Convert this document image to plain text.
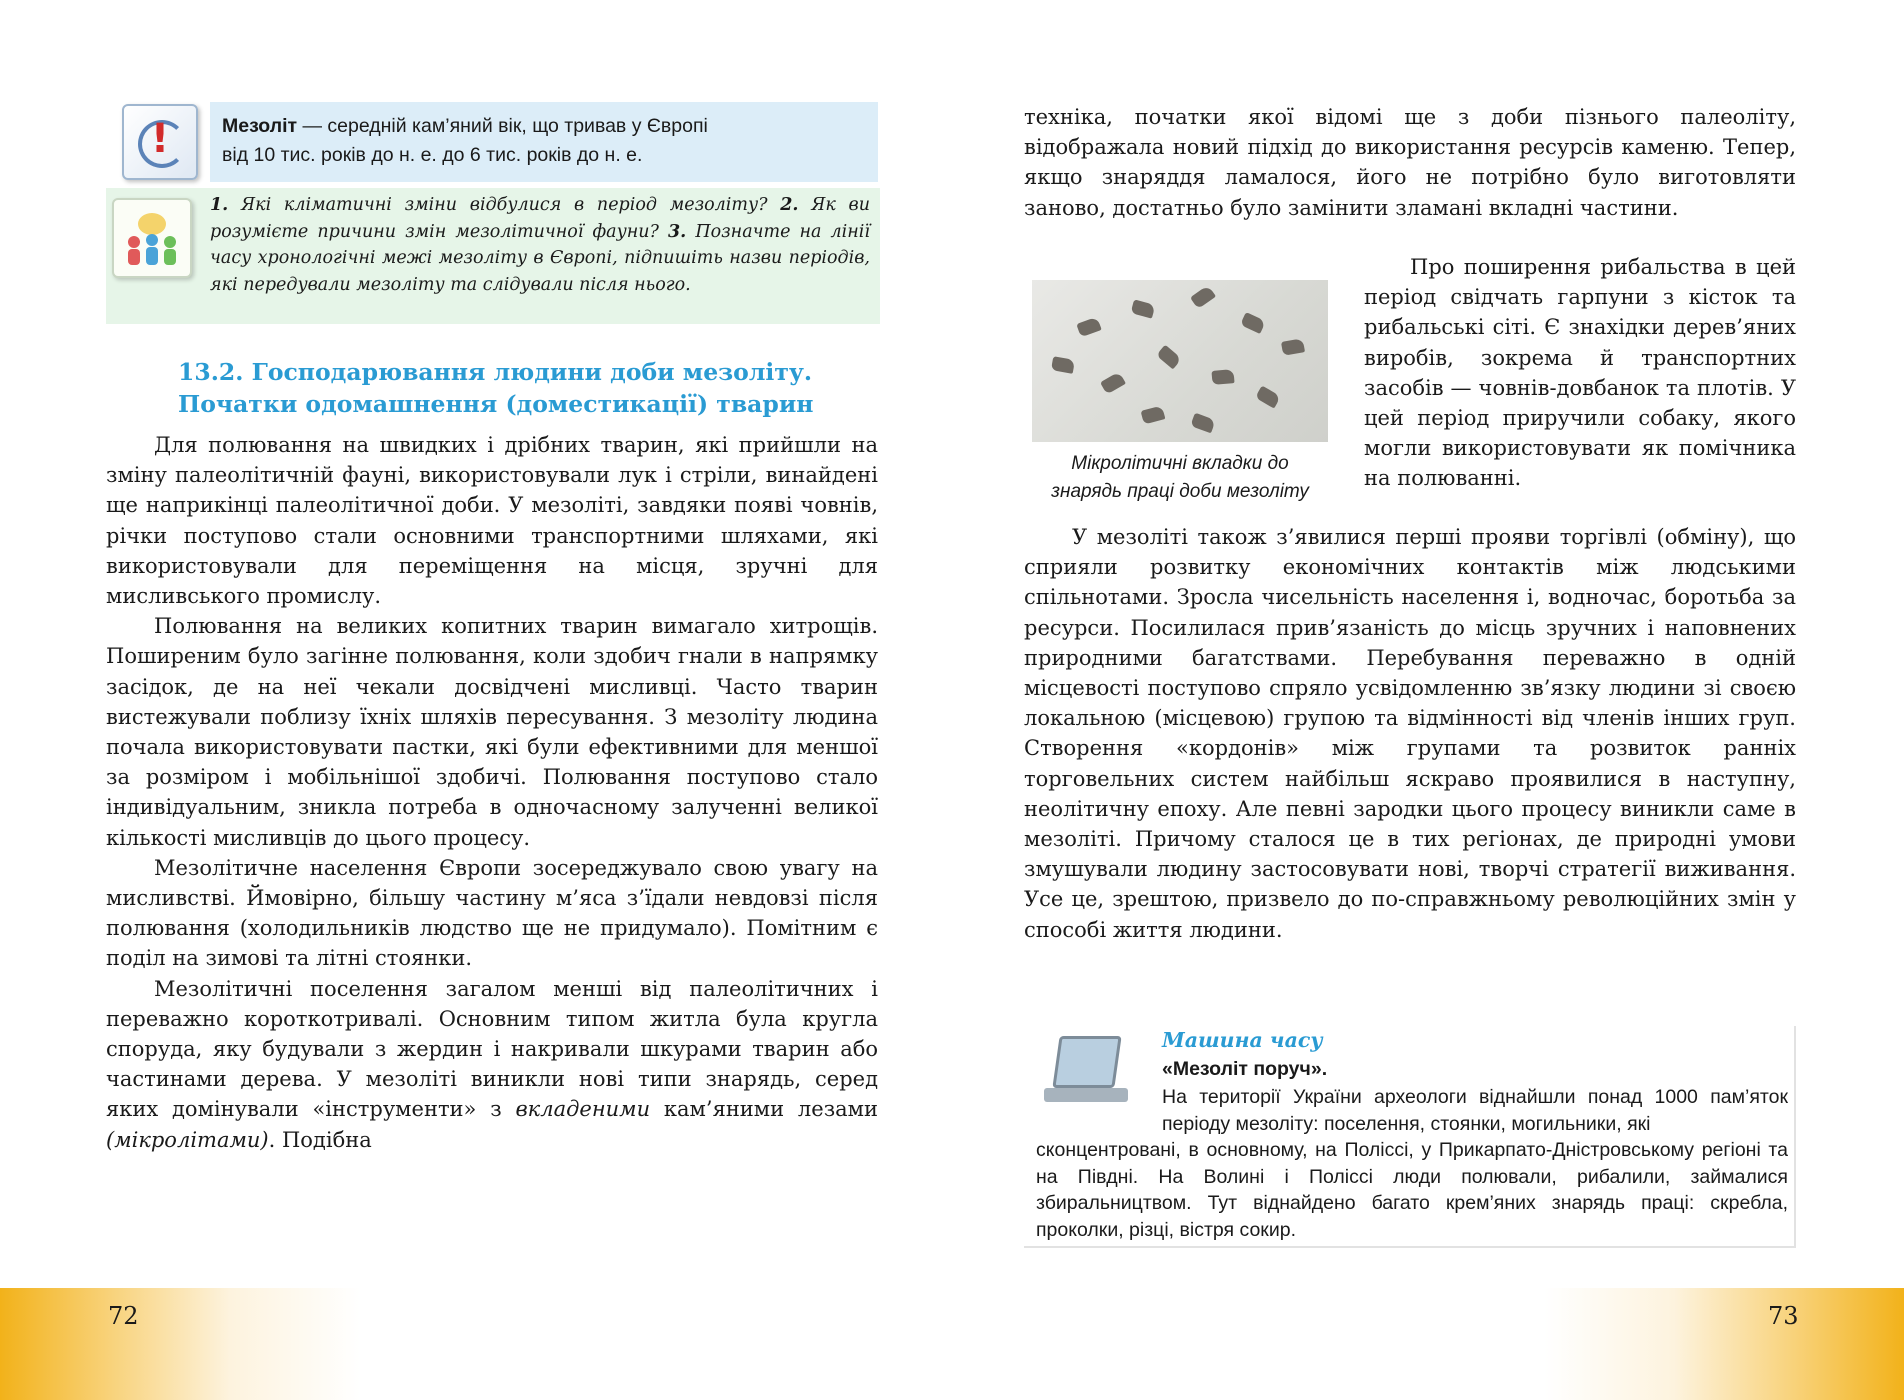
!	Мезоліт — середній кам’яний вік, що тривав у Європі
від 10 тис. років до н. е. до 6 тис. років до н. е.
1. Які кліматичні зміни відбулися в період мезоліту? 2. Як ви розумієте причини змін мезолітичної фауни? 3. Позначте на лінії часу хронологічні межі мезоліту в Європі, підпишіть назви періодів, які передували мезоліту та слідували після нього.
13.2. Господарювання людини доби мезоліту.
Початки одомашнення (доместикації) тварин

Для полювання на швидких і дрібних тварин, які прийшли на зміну палеолітичній фауні, використовували лук і стріли, винайдені ще наприкінці палеолітичної доби. У мезоліті, завдяки появі човнів, річки поступово стали основними транспортними шляхами, які використовували для переміщення на місця, зручні для мисливського промислу.

Полювання на великих копитних тварин вимагало хитрощів. Поширеним було загінне полювання, коли здобич гнали в напрямку засідок, де на неї чекали досвідчені мисливці. Часто тварин вистежували поблизу їхніх шляхів пересування. З мезоліту людина почала використовувати пастки, які були ефективними для меншої за розміром і мобільнішої здобичі. Полювання поступово стало індивідуальним, зникла потреба в одночасному залученні великої кількості мисливців до цього процесу.

Мезолітичне населення Європи зосереджувало свою увагу на мисливстві. Ймовірно, більшу частину м’яса з’їдали невдовзі після полювання (холодильників людство ще не придумало). Помітним є поділ на зимові та літні стоянки.

Мезолітичні поселення загалом менші від палеолітичних і переважно короткотривалі. Основним типом житла була кругла споруда, яку будували з жердин і накривали шкурами тварин або частинами дерева. У мезоліті виникли нові типи знарядь, серед яких домінували «інструменти» з вкладеними кам’яними лезами (мікролітами). Подібна

72

техніка, початки якої відомі ще з доби пізнього палеоліту, відображала новий підхід до використання ресурсів каменю. Тепер, якщо знаряддя ламалося, його не потрібно було виготовляти заново, достатньо було замінити зламані вкладні частини.

Мікролітичні вкладки до
знарядь праці доби мезоліту

Про поширення рибальства в цей період свідчать гарпуни з кісток та рибальські сіті. Є знахідки дерев’яних виробів, зокрема й транспортних засобів — човнів-довбанок та плотів. У цей період приручили собаку, якого могли використовувати як помічника на полюванні.

У мезоліті також з’явилися перші прояви торгівлі (обміну), що сприяли розвитку економічних контактів між людськими спільнотами. Зросла чисельність населення і, водночас, боротьба за ресурси. Посилилася прив’язаність до місць зручних і наповнених природними багатствами. Перебування переважно в одній місцевості поступово спряло усвідомленню зв’язку людини зі своєю локальною (місцевою) групою та відмінності від членів інших груп. Створення «кордонів» між групами та розвиток ранніх торговельних систем найбільш яскраво проявилися в наступну, неолітичну епоху. Але певні зародки цього процесу виникли саме в мезоліті. Причому сталося це в тих регіонах, де природні умови змушували людину застосовувати нові, творчі стратегії виживання. Усе це, зрештою, призвело до по-справжньому революційних змін у способі життя людини.

Машина часу
«Мезоліт поруч».
На території України археологи віднайшли понад 1000 пам’яток періоду мезоліту: поселення, стоянки, могильники, які
сконцентровані, в основному, на Поліссі, у Прикарпато-Дністровському регіоні та на Півдні. На Волині і Поліссі люди полювали, рибалили, займалися збиральництвом. Тут віднайдено багато крем’яних знарядь праці: скребла, проколки, різці, вістря сокир.
73
